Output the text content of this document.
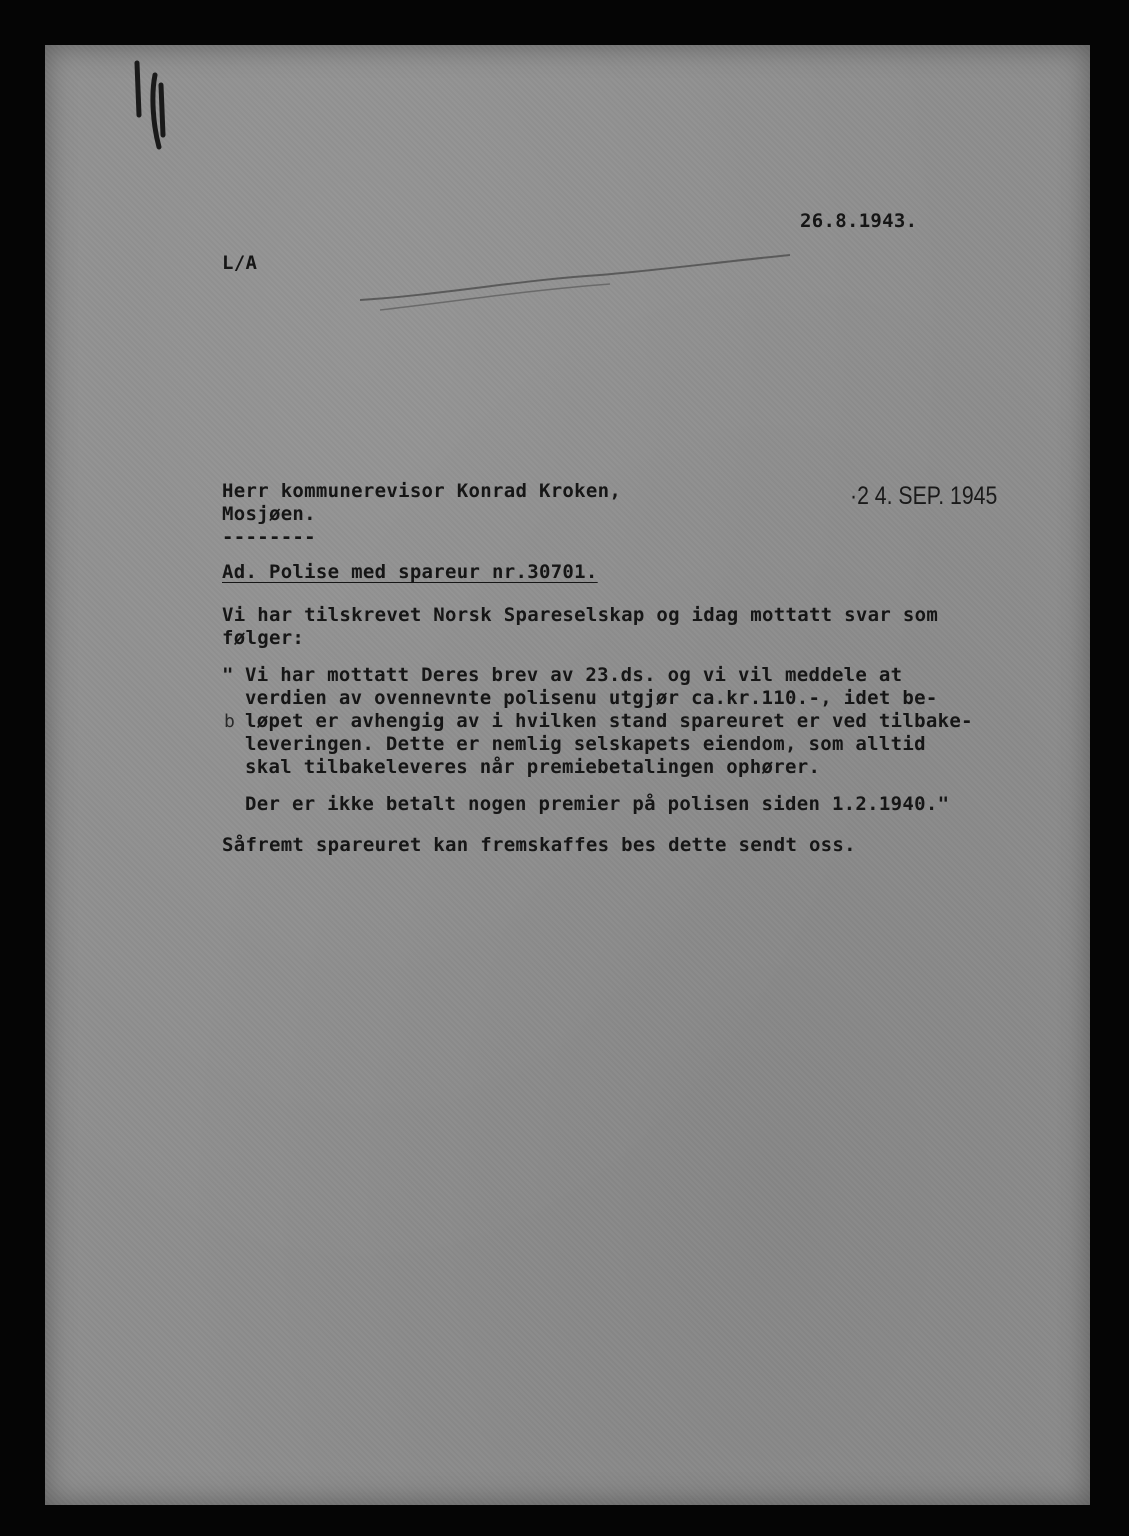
26.8.1943.
L/A
Herr kommunerevisor Konrad Kroken,
Mosjøen.
--------
·2 4. SEP. 1945
Ad. Polise med spareur nr.30701.
Vi har tilskrevet Norsk Spareselskap og idag mottatt svar som
følger:
" Vi har mottatt Deres brev av 23.ds. og vi vil meddele at
verdien av ovennevnte polisenu utgjør ca.kr.110.-, idet be-
b løpet er avhengig av i hvilken stand spareuret er ved tilbake-
leveringen. Dette er nemlig selskapets eiendom, som alltid
skal tilbakeleveres når premiebetalingen ophører.
Der er ikke betalt nogen premier på polisen siden 1.2.1940."
Såfremt spareuret kan fremskaffes bes dette sendt oss.
